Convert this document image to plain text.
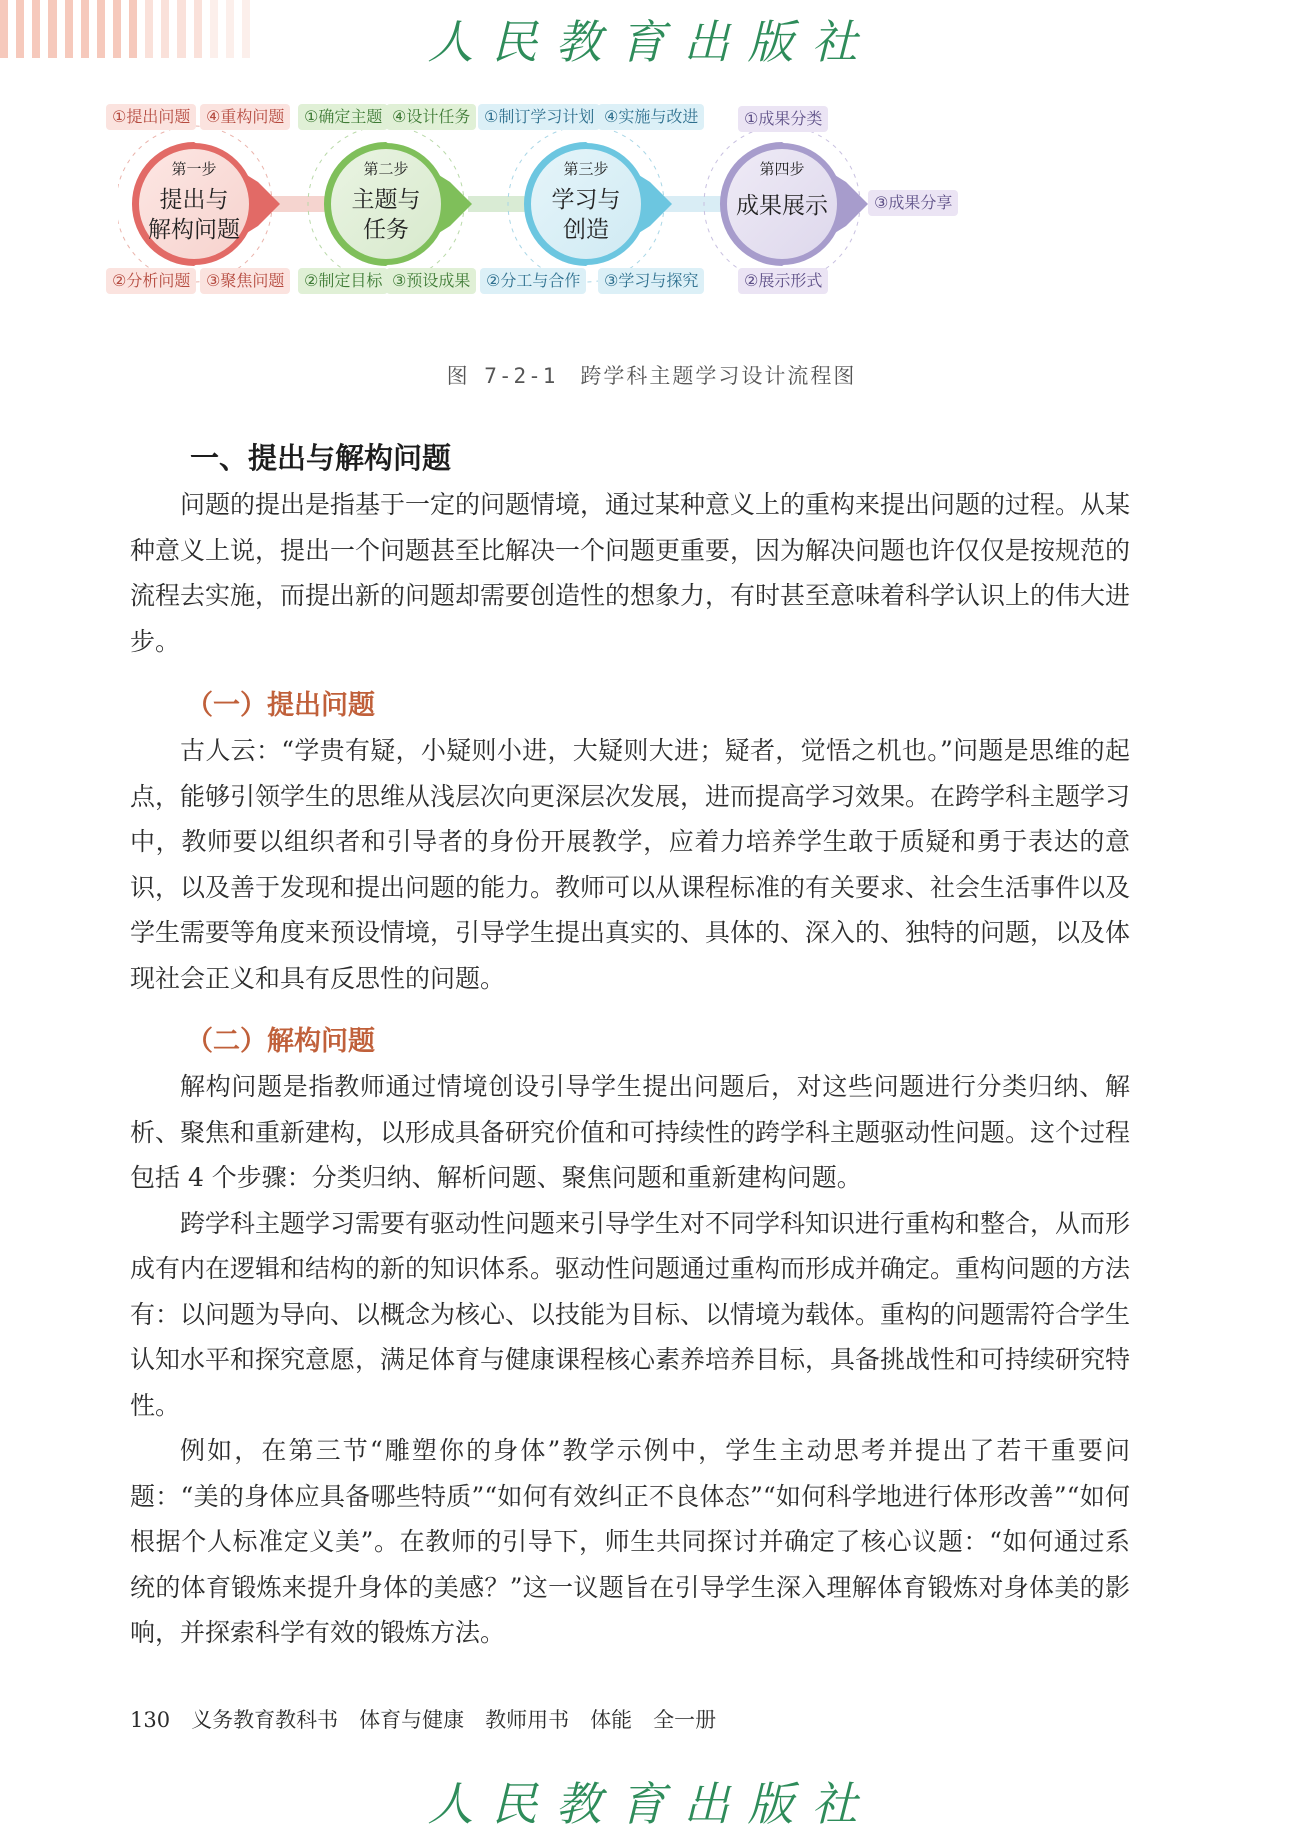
人民教育出版社
①提出问题 ④重构问题	①确定主题 ④设计任务 ①制订学习计划 ④实施与改进	①成果分类
②分析问题 ③聚焦问题	②制定目标 ③预设成果 ②分工与合作	③学习与探究	②展示形式
③成果分享
第一步
提出与
解构问题
第二步
主题与
任务
第三步
学习与
创造
第四步
成果展示
图 7-2-1　跨学科主题学习设计流程图
一、提出与解构问题

问题的提出是指基于一定的问题情境，通过某种意义上的重构来提出问题的过程。从某种意义上说，提出一个问题甚至比解决一个问题更重要，因为解决问题也许仅仅是按规范的流程去实施，而提出新的问题却需要创造性的想象力，有时甚至意味着科学认识上的伟大进步。

（一）提出问题

古人云：“学贵有疑，小疑则小进，大疑则大进；疑者，觉悟之机也。”问题是思维的起点，能够引领学生的思维从浅层次向更深层次发展，进而提高学习效果。在跨学科主题学习中，教师要以组织者和引导者的身份开展教学，应着力培养学生敢于质疑和勇于表达的意识，以及善于发现和提出问题的能力。教师可以从课程标准的有关要求、社会生活事件以及学生需要等角度来预设情境，引导学生提出真实的、具体的、深入的、独特的问题，以及体现社会正义和具有反思性的问题。

（二）解构问题

解构问题是指教师通过情境创设引导学生提出问题后，对这些问题进行分类归纳、解析、聚焦和重新建构，以形成具备研究价值和可持续性的跨学科主题驱动性问题。这个过程包括 4 个步骤：分类归纳、解析问题、聚焦问题和重新建构问题。

跨学科主题学习需要有驱动性问题来引导学生对不同学科知识进行重构和整合，从而形成有内在逻辑和结构的新的知识体系。驱动性问题通过重构而形成并确定。重构问题的方法有：以问题为导向、以概念为核心、以技能为目标、以情境为载体。重构的问题需符合学生认知水平和探究意愿，满足体育与健康课程核心素养培养目标，具备挑战性和可持续研究特性。

例如，在第三节“雕塑你的身体”教学示例中，学生主动思考并提出了若干重要问题：“美的身体应具备哪些特质”“如何有效纠正不良体态”“如何科学地进行体形改善”“如何根据个人标准定义美”。在教师的引导下，师生共同探讨并确定了核心议题：“如何通过系统的体育锻炼来提升身体的美感？”这一议题旨在引导学生深入理解体育锻炼对身体美的影响，并探索科学有效的锻炼方法。

130　义务教育教科书　体育与健康　教师用书　体能　全一册
人民教育出版社
